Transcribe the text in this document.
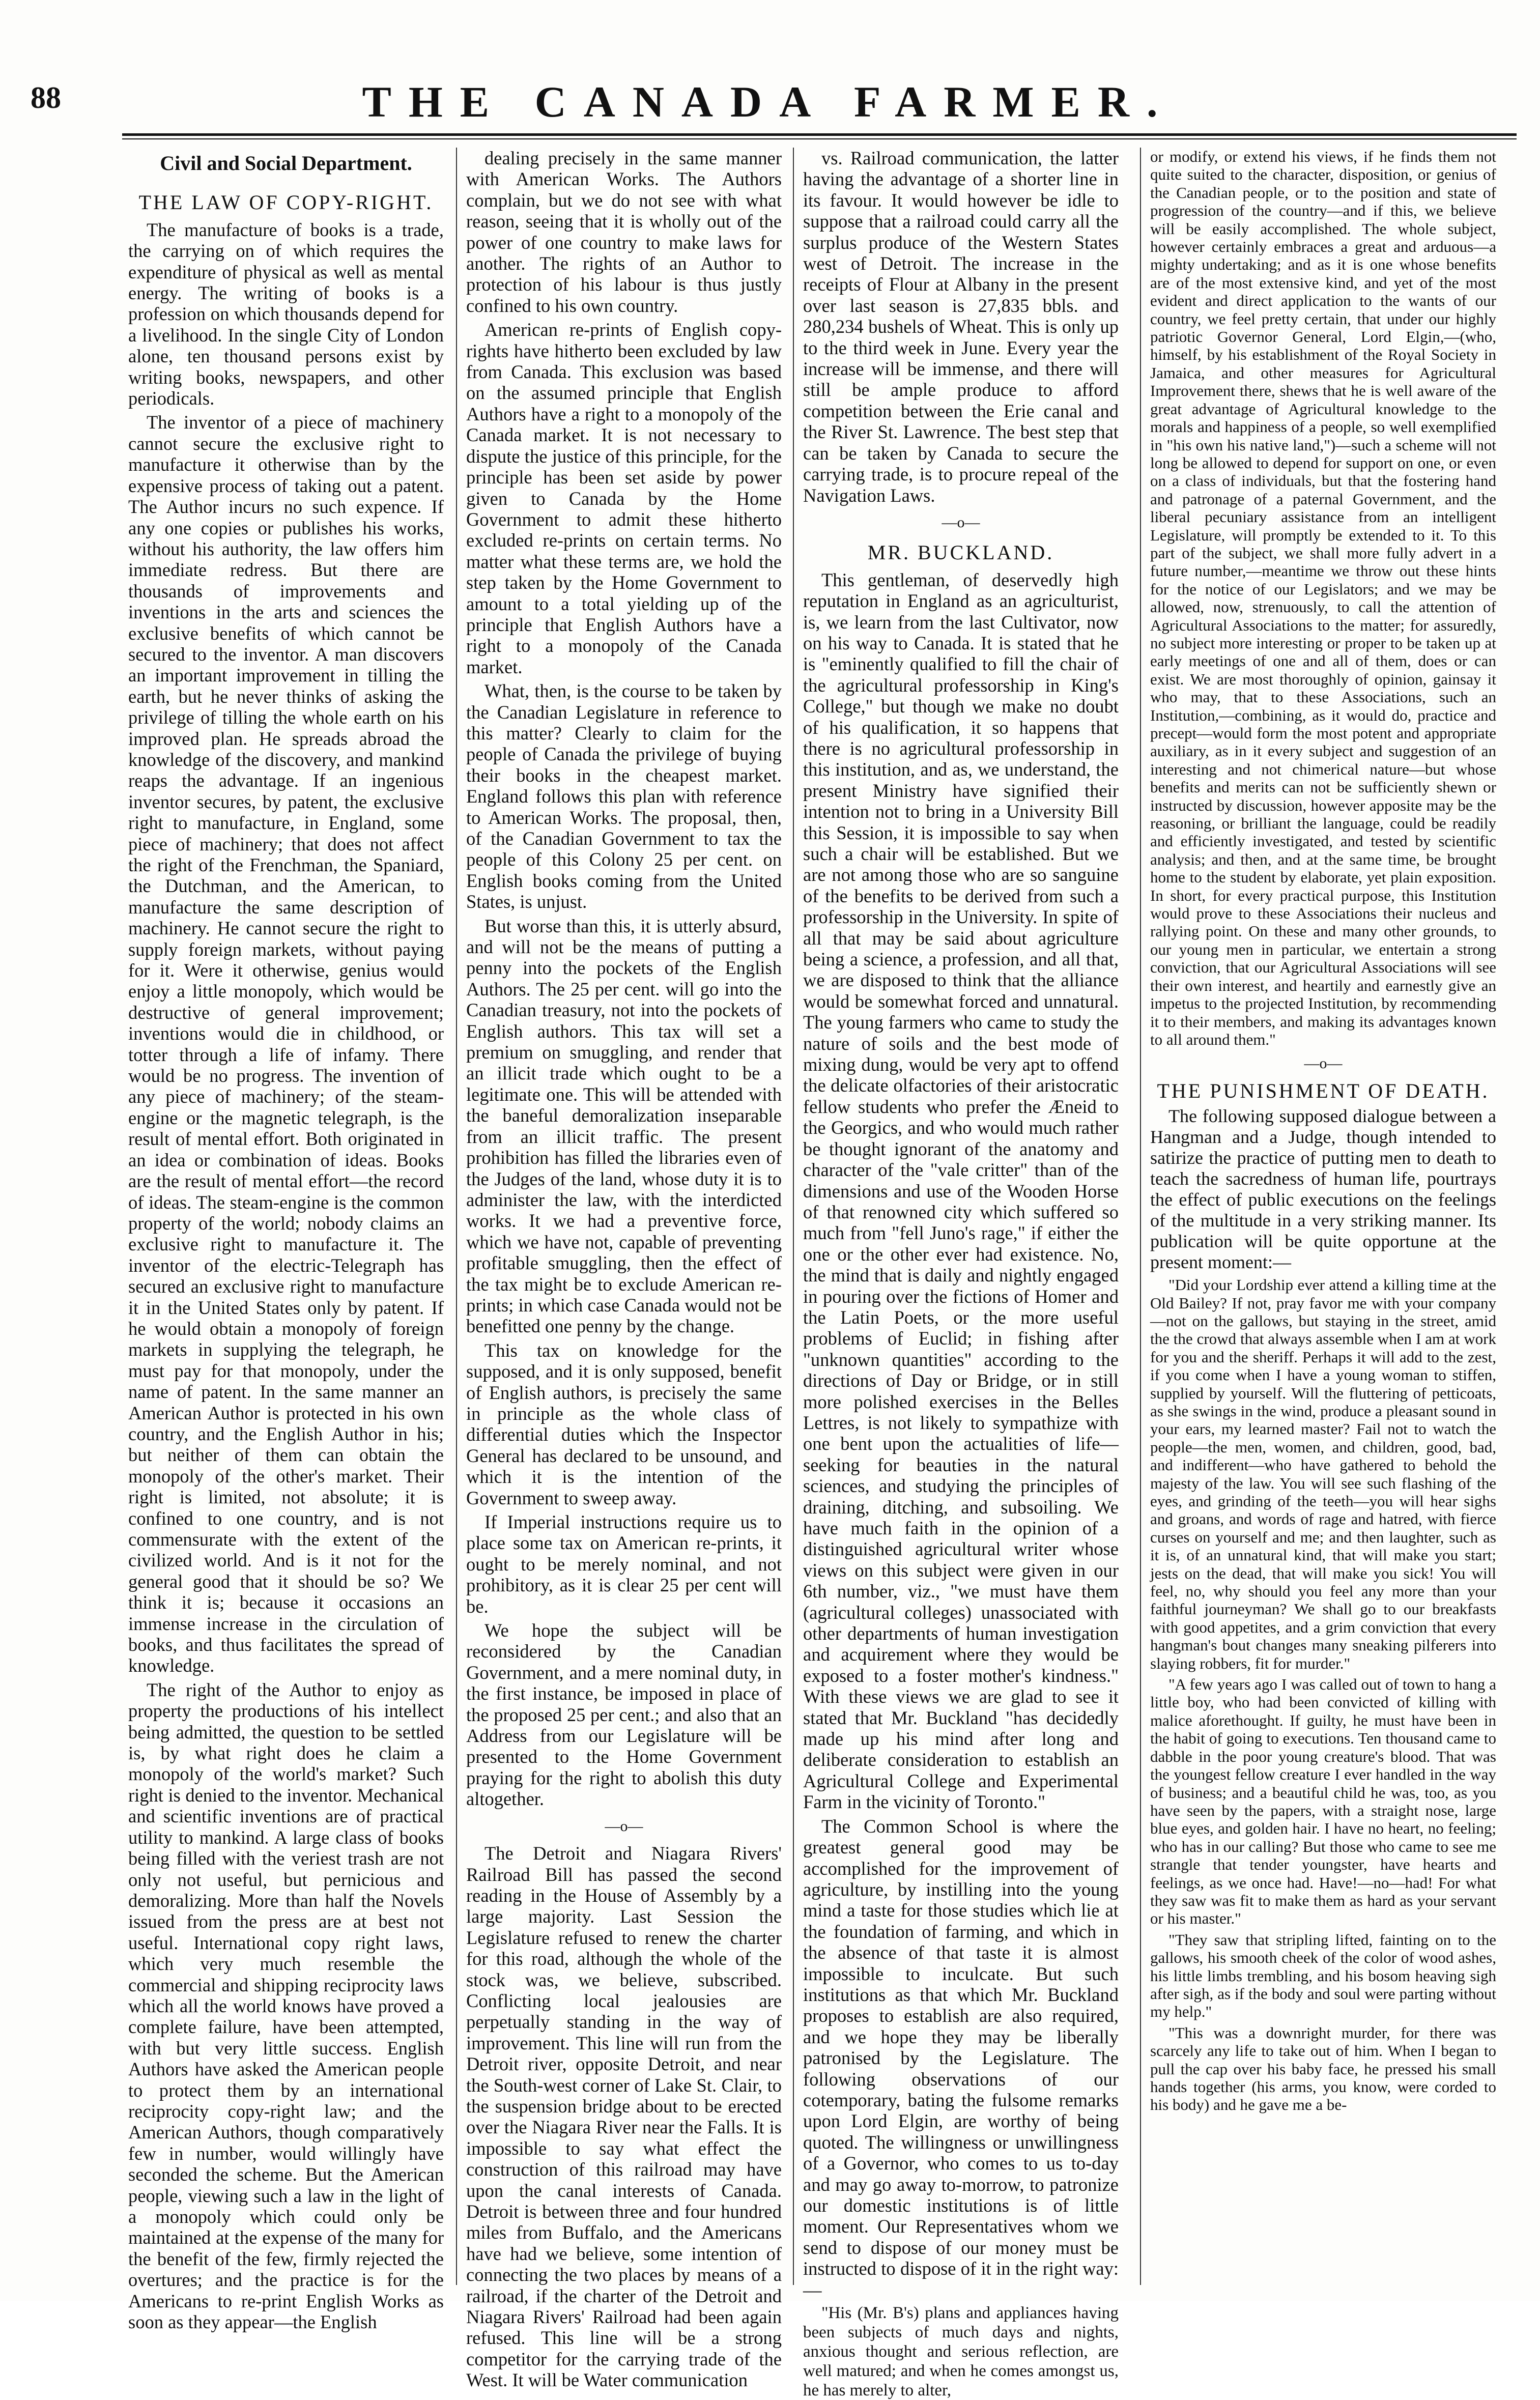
88	THE CANADA FARMER.
Civil and Social Department.
THE LAW OF COPY-RIGHT.

The manufacture of books is a trade, the carrying on of which requires the expenditure of physical as well as mental energy. The writing of books is a profession on which thousands depend for a livelihood. In the single City of London alone, ten thousand persons exist by writing books, newspapers, and other periodicals.

The inventor of a piece of machinery cannot secure the exclusive right to manufacture it otherwise than by the expensive process of taking out a patent. The Author incurs no such expence. If any one copies or publishes his works, without his authority, the law offers him immediate redress. But there are thousands of improvements and inventions in the arts and sciences the exclusive benefits of which cannot be secured to the inventor. A man discovers an important improvement in tilling the earth, but he never thinks of asking the privilege of tilling the whole earth on his improved plan. He spreads abroad the knowledge of the discovery, and mankind reaps the advantage. If an ingenious inventor secures, by patent, the exclusive right to manufacture, in England, some piece of machinery; that does not affect the right of the Frenchman, the Spaniard, the Dutchman, and the American, to manufacture the same description of machinery. He cannot secure the right to supply foreign markets, without paying for it. Were it otherwise, genius would enjoy a little monopoly, which would be destructive of general improvement; inventions would die in childhood, or totter through a life of infamy. There would be no progress. The invention of any piece of machinery; of the steam-engine or the magnetic telegraph, is the result of mental effort. Both originated in an idea or combination of ideas. Books are the result of mental effort—the record of ideas. The steam-engine is the common property of the world; nobody claims an exclusive right to manufacture it. The inventor of the electric-Telegraph has secured an exclusive right to manufacture it in the United States only by patent. If he would obtain a monopoly of foreign markets in supplying the telegraph, he must pay for that monopoly, under the name of patent. In the same manner an American Author is protected in his own country, and the English Author in his; but neither of them can obtain the monopoly of the other's market. Their right is limited, not absolute; it is confined to one country, and is not commensurate with the extent of the civilized world. And is it not for the general good that it should be so? We think it is; because it occasions an immense increase in the circulation of books, and thus facilitates the spread of knowledge.

The right of the Author to enjoy as property the productions of his intellect being admitted, the question to be settled is, by what right does he claim a monopoly of the world's market? Such right is denied to the inventor. Mechanical and scientific inventions are of practical utility to mankind. A large class of books being filled with the veriest trash are not only not useful, but pernicious and demoralizing. More than half the Novels issued from the press are at best not useful. International copy right laws, which very much resemble the commercial and shipping reciprocity laws which all the world knows have proved a complete failure, have been attempted, with but very little success. English Authors have asked the American people to protect them by an international reciprocity copy-right law; and the American Authors, though comparatively few in number, would willingly have seconded the scheme. But the American people, viewing such a law in the light of a monopoly which could only be maintained at the expense of the many for the benefit of the few, firmly rejected the overtures; and the practice is for the Americans to re-print English Works as soon as they appear—the English

dealing precisely in the same manner with American Works. The Authors complain, but we do not see with what reason, seeing that it is wholly out of the power of one country to make laws for another. The rights of an Author to protection of his labour is thus justly confined to his own country.

American re-prints of English copy-rights have hitherto been excluded by law from Canada. This exclusion was based on the assumed principle that English Authors have a right to a monopoly of the Canada market. It is not necessary to dispute the justice of this principle, for the principle has been set aside by power given to Canada by the Home Government to admit these hitherto excluded re-prints on certain terms. No matter what these terms are, we hold the step taken by the Home Government to amount to a total yielding up of the principle that English Authors have a right to a monopoly of the Canada market.

What, then, is the course to be taken by the Canadian Legislature in reference to this matter? Clearly to claim for the people of Canada the privilege of buying their books in the cheapest market. England follows this plan with reference to American Works. The proposal, then, of the Canadian Government to tax the people of this Colony 25 per cent. on English books coming from the United States, is unjust.

But worse than this, it is utterly absurd, and will not be the means of putting a penny into the pockets of the English Authors. The 25 per cent. will go into the Canadian treasury, not into the pockets of English authors. This tax will set a premium on smuggling, and render that an illicit trade which ought to be a legitimate one. This will be attended with the baneful demoralization inseparable from an illicit traffic. The present prohibition has filled the libraries even of the Judges of the land, whose duty it is to administer the law, with the interdicted works. It we had a preventive force, which we have not, capable of preventing profitable smuggling, then the effect of the tax might be to exclude American re-prints; in which case Canada would not be benefitted one penny by the change.

This tax on knowledge for the supposed, and it is only supposed, benefit of English authors, is precisely the same in principle as the whole class of differential duties which the Inspector General has declared to be unsound, and which it is the intention of the Government to sweep away.

If Imperial instructions require us to place some tax on American re-prints, it ought to be merely nominal, and not prohibitory, as it is clear 25 per cent will be.

We hope the subject will be reconsidered by the Canadian Government, and a mere nominal duty, in the first instance, be imposed in place of the proposed 25 per cent.; and also that an Address from our Legislature will be presented to the Home Government praying for the right to abolish this duty altogether.

—o—

The Detroit and Niagara Rivers' Railroad Bill has passed the second reading in the House of Assembly by a large majority. Last Session the Legislature refused to renew the charter for this road, although the whole of the stock was, we believe, subscribed. Conflicting local jealousies are perpetually standing in the way of improvement. This line will run from the Detroit river, opposite Detroit, and near the South-west corner of Lake St. Clair, to the suspension bridge about to be erected over the Niagara River near the Falls. It is impossible to say what effect the construction of this railroad may have upon the canal interests of Canada. Detroit is between three and four hundred miles from Buffalo, and the Americans have had we believe, some intention of connecting the two places by means of a railroad, if the charter of the Detroit and Niagara Rivers' Railroad had been again refused. This line will be a strong competitor for the carrying trade of the West. It will be Water communication

vs. Railroad communication, the latter having the advantage of a shorter line in its favour. It would however be idle to suppose that a railroad could carry all the surplus produce of the Western States west of Detroit. The increase in the receipts of Flour at Albany in the present over last season is 27,835 bbls. and 280,234 bushels of Wheat. This is only up to the third week in June. Every year the increase will be immense, and there will still be ample produce to afford competition between the Erie canal and the River St. Lawrence. The best step that can be taken by Canada to secure the carrying trade, is to procure repeal of the Navigation Laws.

—o—
MR. BUCKLAND.

This gentleman, of deservedly high reputation in England as an agriculturist, is, we learn from the last Cultivator, now on his way to Canada. It is stated that he is "eminently qualified to fill the chair of the agricultural professorship in King's College," but though we make no doubt of his qualification, it so happens that there is no agricultural professorship in this institution, and as, we understand, the present Ministry have signified their intention not to bring in a University Bill this Session, it is impossible to say when such a chair will be established. But we are not among those who are so sanguine of the benefits to be derived from such a professorship in the University. In spite of all that may be said about agriculture being a science, a profession, and all that, we are disposed to think that the alliance would be somewhat forced and unnatural. The young farmers who came to study the nature of soils and the best mode of mixing dung, would be very apt to offend the delicate olfactories of their aristocratic fellow students who prefer the Æneid to the Georgics, and who would much rather be thought ignorant of the anatomy and character of the "vale critter" than of the dimensions and use of the Wooden Horse of that renowned city which suffered so much from "fell Juno's rage," if either the one or the other ever had existence. No, the mind that is daily and nightly engaged in pouring over the fictions of Homer and the Latin Poets, or the more useful problems of Euclid; in fishing after "unknown quantities" according to the directions of Day or Bridge, or in still more polished exercises in the Belles Lettres, is not likely to sympathize with one bent upon the actualities of life—seeking for beauties in the natural sciences, and studying the principles of draining, ditching, and subsoiling. We have much faith in the opinion of a distinguished agricultural writer whose views on this subject were given in our 6th number, viz., "we must have them (agricultural colleges) unassociated with other departments of human investigation and acquirement where they would be exposed to a foster mother's kindness." With these views we are glad to see it stated that Mr. Buckland "has decidedly made up his mind after long and deliberate consideration to establish an Agricultural College and Experimental Farm in the vicinity of Toronto."

The Common School is where the greatest general good may be accomplished for the improvement of agriculture, by instilling into the young mind a taste for those studies which lie at the foundation of farming, and which in the absence of that taste it is almost impossible to inculcate. But such institutions as that which Mr. Buckland proposes to establish are also required, and we hope they may be liberally patronised by the Legislature. The following observations of our cotemporary, bating the fulsome remarks upon Lord Elgin, are worthy of being quoted. The willingness or unwillingness of a Governor, who comes to us to-day and may go away to-morrow, to patronize our domestic institutions is of little moment. Our Representatives whom we send to dispose of our money must be instructed to dispose of it in the right way:—

"His (Mr. B's) plans and appliances having been subjects of much days and nights, anxious thought and serious reflection, are well matured; and when he comes amongst us, he has merely to alter,

or modify, or extend his views, if he finds them not quite suited to the character, disposition, or genius of the Canadian people, or to the position and state of progression of the country—and if this, we believe will be easily accomplished. The whole subject, however certainly embraces a great and arduous—a mighty undertaking; and as it is one whose benefits are of the most extensive kind, and yet of the most evident and direct application to the wants of our country, we feel pretty certain, that under our highly patriotic Governor General, Lord Elgin,—(who, himself, by his establishment of the Royal Society in Jamaica, and other measures for Agricultural Improvement there, shews that he is well aware of the great advantage of Agricultural knowledge to the morals and happiness of a people, so well exemplified in "his own his native land,")—such a scheme will not long be allowed to depend for support on one, or even on a class of individuals, but that the fostering hand and patronage of a paternal Government, and the liberal pecuniary assistance from an intelligent Legislature, will promptly be extended to it. To this part of the subject, we shall more fully advert in a future number,—meantime we throw out these hints for the notice of our Legislators; and we may be allowed, now, strenuously, to call the attention of Agricultural Associations to the matter; for assuredly, no subject more interesting or proper to be taken up at early meetings of one and all of them, does or can exist. We are most thoroughly of opinion, gainsay it who may, that to these Associations, such an Institution,—combining, as it would do, practice and precept—would form the most potent and appropriate auxiliary, as in it every subject and suggestion of an interesting and not chimerical nature—but whose benefits and merits can not be sufficiently shewn or instructed by discussion, however apposite may be the reasoning, or brilliant the language, could be readily and efficiently investigated, and tested by scientific analysis; and then, and at the same time, be brought home to the student by elaborate, yet plain exposition. In short, for every practical purpose, this Institution would prove to these Associations their nucleus and rallying point. On these and many other grounds, to our young men in particular, we entertain a strong conviction, that our Agricultural Associations will see their own interest, and heartily and earnestly give an impetus to the projected Institution, by recommending it to their members, and making its advantages known to all around them."

—o—
THE PUNISHMENT OF DEATH.

The following supposed dialogue between a Hangman and a Judge, though intended to satirize the practice of putting men to death to teach the sacredness of human life, pourtrays the effect of public executions on the feelings of the multitude in a very striking manner. Its publication will be quite opportune at the present moment:—

"Did your Lordship ever attend a killing time at the Old Bailey? If not, pray favor me with your company—not on the gallows, but staying in the street, amid the the crowd that always assemble when I am at work for you and the sheriff. Perhaps it will add to the zest, if you come when I have a young woman to stiffen, supplied by yourself. Will the fluttering of petticoats, as she swings in the wind, produce a pleasant sound in your ears, my learned master? Fail not to watch the people—the men, women, and children, good, bad, and indifferent—who have gathered to behold the majesty of the law. You will see such flashing of the eyes, and grinding of the teeth—you will hear sighs and groans, and words of rage and hatred, with fierce curses on yourself and me; and then laughter, such as it is, of an unnatural kind, that will make you start; jests on the dead, that will make you sick! You will feel, no, why should you feel any more than your faithful journeyman? We shall go to our breakfasts with good appetites, and a grim conviction that every hangman's bout changes many sneaking pilferers into slaying robbers, fit for murder."

"A few years ago I was called out of town to hang a little boy, who had been convicted of killing with malice aforethought. If guilty, he must have been in the habit of going to executions. Ten thousand came to dabble in the poor young creature's blood. That was the youngest fellow creature I ever handled in the way of business; and a beautiful child he was, too, as you have seen by the papers, with a straight nose, large blue eyes, and golden hair. I have no heart, no feeling; who has in our calling? But those who came to see me strangle that tender youngster, have hearts and feelings, as we once had. Have!—no—had! For what they saw was fit to make them as hard as your servant or his master."

"They saw that stripling lifted, fainting on to the gallows, his smooth cheek of the color of wood ashes, his little limbs trembling, and his bosom heaving sigh after sigh, as if the body and soul were parting without my help."

"This was a downright murder, for there was scarcely any life to take out of him. When I began to pull the cap over his baby face, he pressed his small hands together (his arms, you know, were corded to his body) and he gave me a be-
